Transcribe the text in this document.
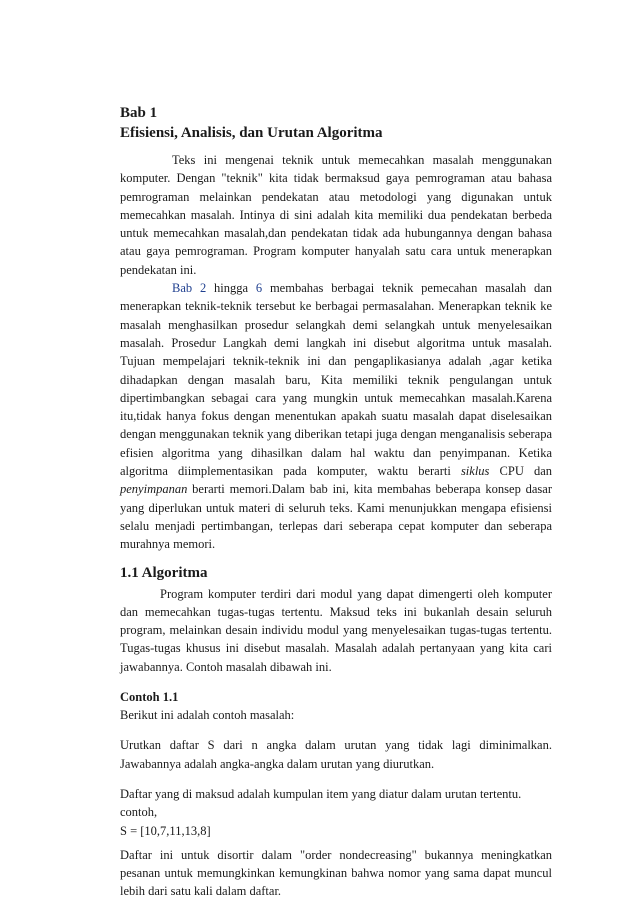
Bab 1
Efisiensi, Analisis, dan Urutan Algoritma

Teks ini mengenai teknik untuk memecahkan masalah menggunakan komputer. Dengan "teknik" kita tidak bermaksud gaya pemrograman atau bahasa pemrograman melainkan pendekatan atau metodologi yang digunakan untuk memecahkan masalah. Intinya di sini adalah kita memiliki dua pendekatan berbeda untuk memecahkan masalah,dan pendekatan tidak ada hubungannya dengan bahasa atau gaya pemrograman. Program komputer hanyalah satu cara untuk menerapkan pendekatan ini.

Bab 2 hingga 6 membahas berbagai teknik pemecahan masalah dan menerapkan teknik-teknik tersebut ke berbagai permasalahan. Menerapkan teknik ke masalah menghasilkan prosedur selangkah demi selangkah untuk menyelesaikan masalah. Prosedur Langkah demi langkah ini disebut algoritma untuk masalah. Tujuan mempelajari teknik-teknik ini dan pengaplikasianya adalah ,agar ketika dihadapkan dengan masalah baru, Kita memiliki teknik pengulangan untuk dipertimbangkan sebagai cara yang mungkin untuk memecahkan masalah.Karena itu,tidak hanya fokus dengan menentukan apakah suatu masalah dapat diselesaikan dengan menggunakan teknik yang diberikan tetapi juga dengan menganalisis seberapa efisien algoritma yang dihasilkan dalam hal waktu dan penyimpanan. Ketika algoritma diimplementasikan pada komputer, waktu berarti siklus CPU dan penyimpanan berarti memori.Dalam bab ini, kita membahas beberapa konsep dasar yang diperlukan untuk materi di seluruh teks. Kami menunjukkan mengapa efisiensi selalu menjadi pertimbangan, terlepas dari seberapa cepat komputer dan seberapa murahnya memori.

1.1 Algoritma

Program komputer terdiri dari modul yang dapat dimengerti oleh komputer dan memecahkan tugas-tugas tertentu. Maksud teks ini bukanlah desain seluruh program, melainkan desain individu modul yang menyelesaikan tugas-tugas tertentu. Tugas-tugas khusus ini disebut masalah. Masalah adalah pertanyaan yang kita cari jawabannya. Contoh masalah dibawah ini.

Contoh 1.1

Berikut ini adalah contoh masalah:

Urutkan daftar S dari n angka dalam urutan yang tidak lagi diminimalkan. Jawabannya adalah angka-angka dalam urutan yang diurutkan.

Daftar yang di maksud adalah kumpulan item yang diatur dalam urutan tertentu.

contoh,

S = [10,7,11,13,8]

Daftar ini untuk disortir dalam "order nondecreasing" bukannya meningkatkan pesanan untuk memungkinkan kemungkinan bahwa nomor yang sama dapat muncul lebih dari satu kali dalam daftar.
